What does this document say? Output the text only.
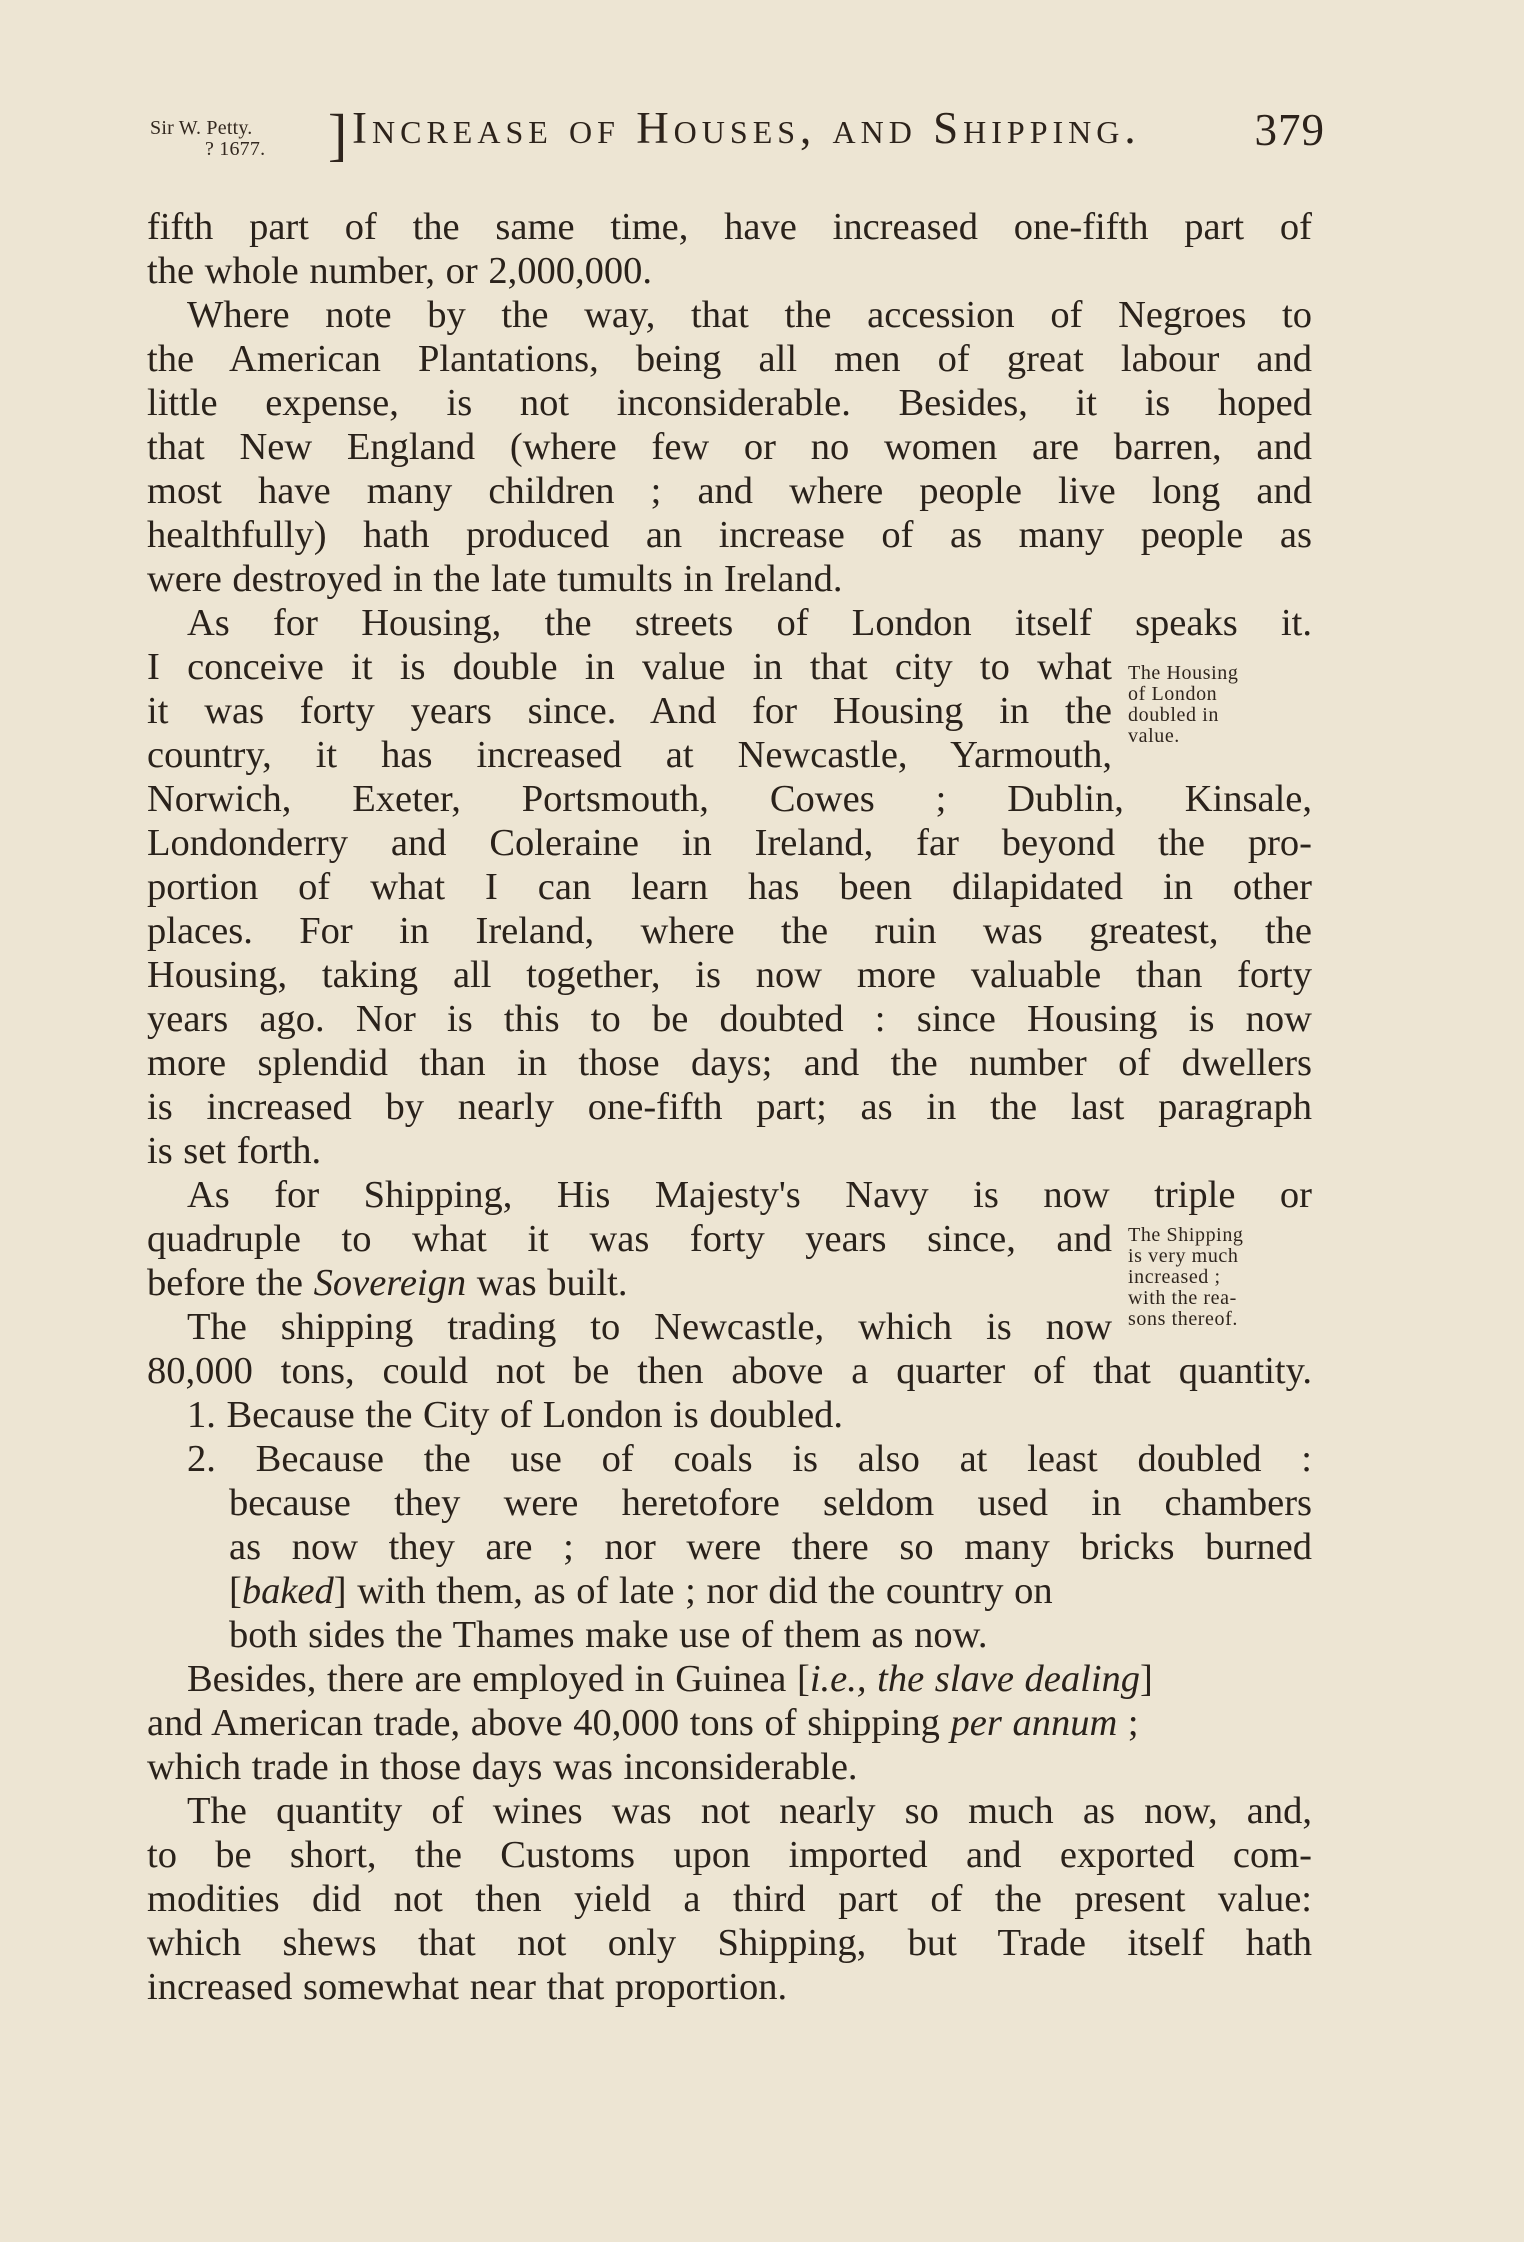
Sir W. Petty.
? 1677.	] Increase of Houses, and Shipping.	379
fifth part of the same time, have increased one-fifth part of
the whole number, or 2,000,000.
Where note by the way, that the accession of Negroes to
the American Plantations, being all men of great labour and
little expense, is not inconsiderable. Besides, it is hoped
that New England (where few or no women are barren, and
most have many children ; and where people live long and
healthfully) hath produced an increase of as many people as
were destroyed in the late tumults in Ireland.
As for Housing, the streets of London itself speaks it.
I conceive it is double in value in that city to what
it was forty years since. And for Housing in the
country, it has increased at Newcastle, Yarmouth,
Norwich, Exeter, Portsmouth, Cowes ; Dublin, Kinsale,
Londonderry and Coleraine in Ireland, far beyond the pro-
portion of what I can learn has been dilapidated in other
places. For in Ireland, where the ruin was greatest, the
Housing, taking all together, is now more valuable than forty
years ago. Nor is this to be doubted : since Housing is now
more splendid than in those days; and the number of dwellers
is increased by nearly one-fifth part; as in the last paragraph
is set forth.
As for Shipping, His Majesty's Navy is now triple or
quadruple to what it was forty years since, and
before the Sovereign was built.
The shipping trading to Newcastle, which is now
80,000 tons, could not be then above a quarter of that quantity.
1. Because the City of London is doubled.
2. Because the use of coals is also at least doubled :
because they were heretofore seldom used in chambers
as now they are ; nor were there so many bricks burned
[baked] with them, as of late ; nor did the country on
both sides the Thames make use of them as now.
Besides, there are employed in Guinea [i.e., the slave dealing]
and American trade, above 40,000 tons of shipping per annum ;
which trade in those days was inconsiderable.
The quantity of wines was not nearly so much as now, and,
to be short, the Customs upon imported and exported com-
modities did not then yield a third part of the present value:
which shews that not only Shipping, but Trade itself hath
increased somewhat near that proportion.
The Housing
of London
doubled in
value.
The Shipping
is very much
increased ;
with the rea-
sons thereof.
